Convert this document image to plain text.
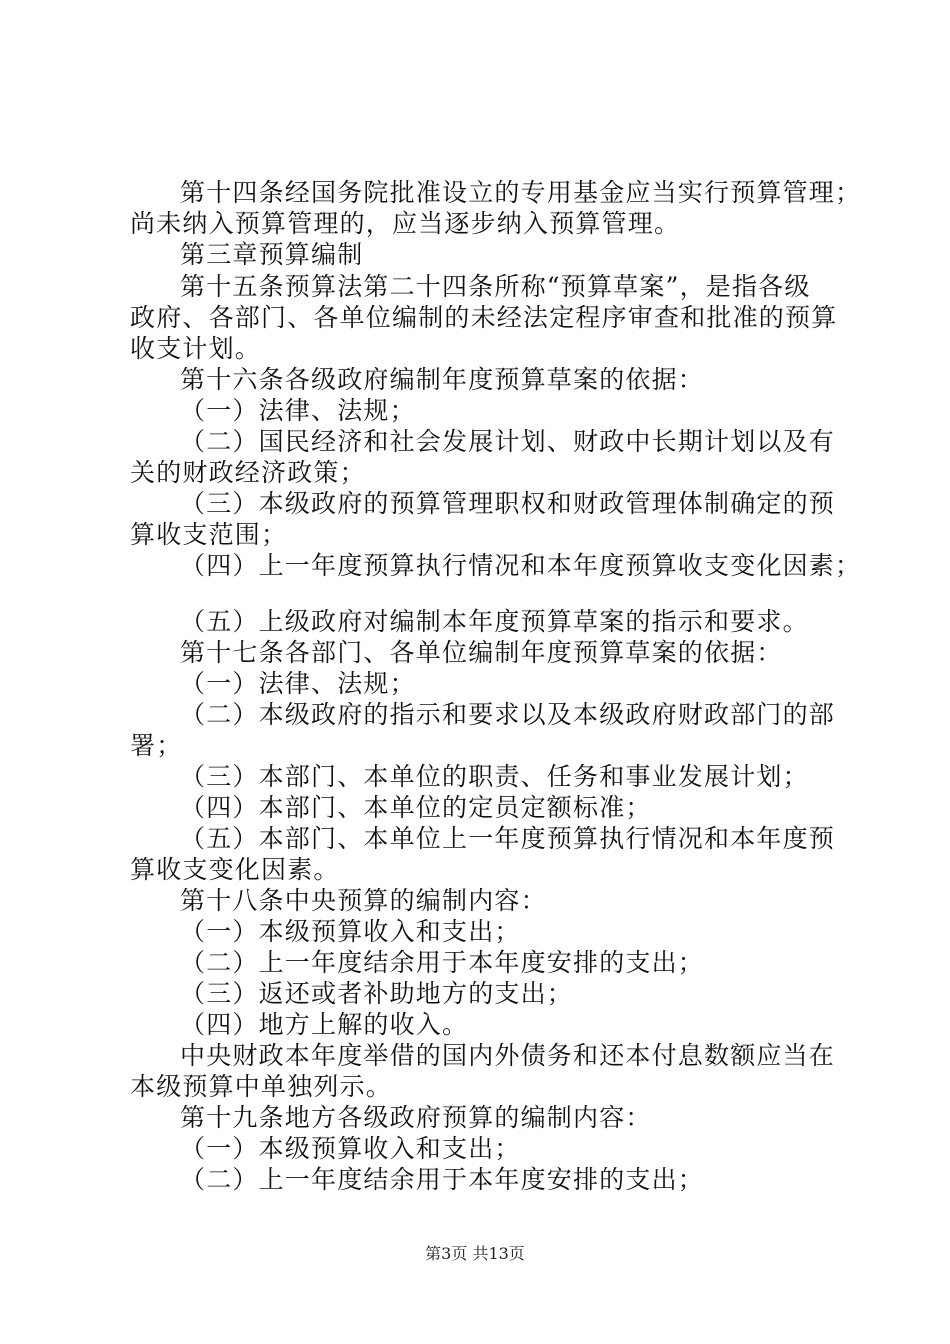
第十四条经国务院批准设立的专用基金应当实行预算管理；
尚未纳入预算管理的，应当逐步纳入预算管理。
第三章预算编制
第十五条预算法第二十四条所称“预算草案”，是指各级
政府、各部门、各单位编制的未经法定程序审查和批准的预算
收支计划。
第十六条各级政府编制年度预算草案的依据：
（一）法律、法规；
（二）国民经济和社会发展计划、财政中长期计划以及有
关的财政经济政策；
（三）本级政府的预算管理职权和财政管理体制确定的预
算收支范围；
（四）上一年度预算执行情况和本年度预算收支变化因素；
（五）上级政府对编制本年度预算草案的指示和要求。
第十七条各部门、各单位编制年度预算草案的依据：
（一）法律、法规；
（二）本级政府的指示和要求以及本级政府财政部门的部
署；
（三）本部门、本单位的职责、任务和事业发展计划；
（四）本部门、本单位的定员定额标准；
（五）本部门、本单位上一年度预算执行情况和本年度预
算收支变化因素。
第十八条中央预算的编制内容：
（一）本级预算收入和支出；
（二）上一年度结余用于本年度安排的支出；
（三）返还或者补助地方的支出；
（四）地方上解的收入。
中央财政本年度举借的国内外债务和还本付息数额应当在
本级预算中单独列示。
第十九条地方各级政府预算的编制内容：
（一）本级预算收入和支出；
（二）上一年度结余用于本年度安排的支出；
第3页 共13页
